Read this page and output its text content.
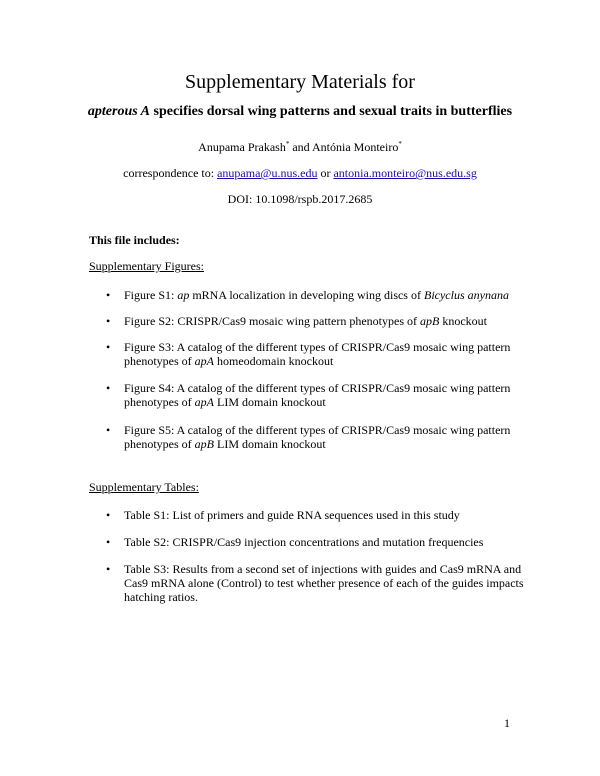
Supplementary Materials for
apterous A specifies dorsal wing patterns and sexual traits in butterflies
Anupama Prakash* and Antónia Monteiro*
correspondence to: anupama@u.nus.edu or antonia.monteiro@nus.edu.sg
DOI: 10.1098/rspb.2017.2685
This file includes:
Supplementary Figures:
• Figure S1: ap mRNA localization in developing wing discs of Bicyclus anynana
• Figure S2: CRISPR/Cas9 mosaic wing pattern phenotypes of apB knockout
• Figure S3: A catalog of the different types of CRISPR/Cas9 mosaic wing pattern phenotypes of apA homeodomain knockout
• Figure S4: A catalog of the different types of CRISPR/Cas9 mosaic wing pattern phenotypes of apA LIM domain knockout
• Figure S5: A catalog of the different types of CRISPR/Cas9 mosaic wing pattern phenotypes of apB LIM domain knockout
Supplementary Tables:
• Table S1: List of primers and guide RNA sequences used in this study
• Table S2: CRISPR/Cas9 injection concentrations and mutation frequencies
• Table S3: Results from a second set of injections with guides and Cas9 mRNA and Cas9 mRNA alone (Control) to test whether presence of each of the guides impacts hatching ratios.
1
